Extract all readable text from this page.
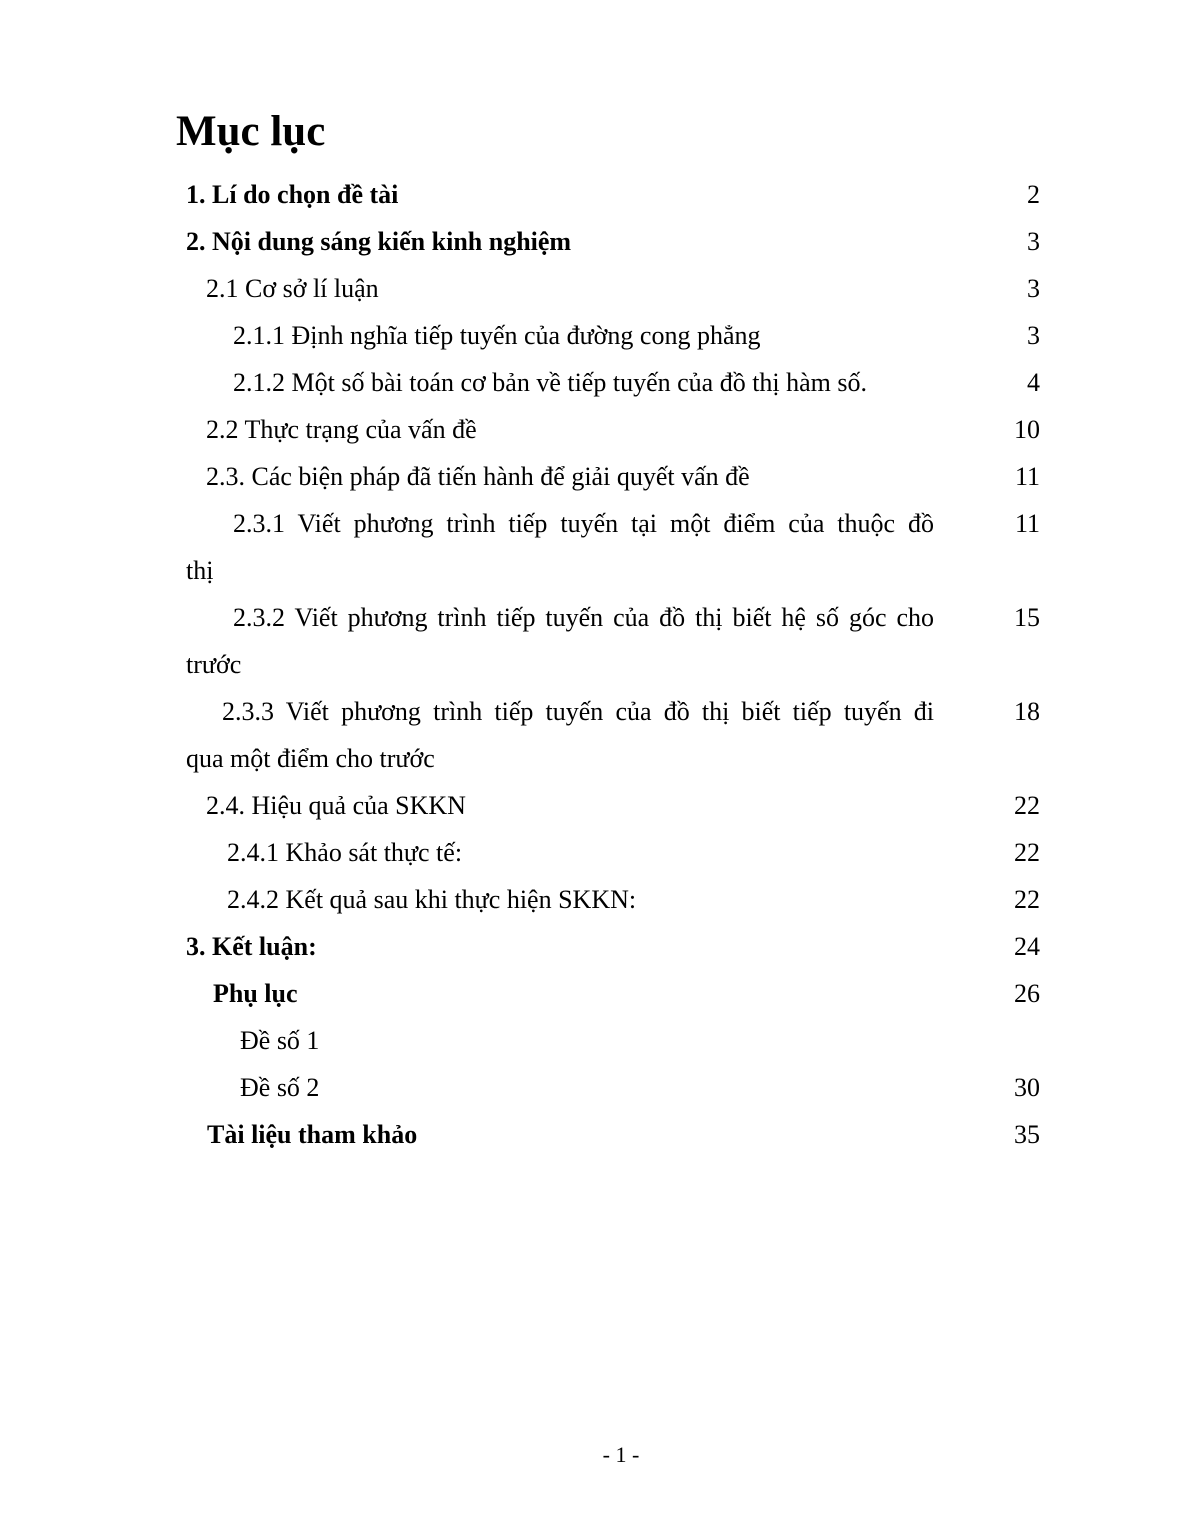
Mục lục
1. Lí do chọn đề tài	2
2. Nội dung sáng kiến kinh nghiệm	3
2.1 Cơ sở lí luận	3
2.1.1 Định nghĩa tiếp tuyến của đường cong phẳng	3
2.1.2 Một số bài toán cơ bản về tiếp tuyến của đồ thị hàm số.	4
2.2 Thực trạng của vấn đề	10
2.3. Các biện pháp đã tiến hành để giải quyết vấn đề	11
2.3.1 Viết phương trình tiếp tuyến tại một điểm của thuộc đồ	11
thị
2.3.2 Viết phương trình tiếp tuyến của đồ thị biết hệ số góc cho	15
trước
2.3.3 Viết phương trình tiếp tuyến của đồ thị biết tiếp tuyến đi	18
qua một điểm cho trước
2.4. Hiệu quả của SKKN	22
2.4.1 Khảo sát thực tế:	22
2.4.2 Kết quả sau khi thực hiện SKKN:	22
3. Kết luận:	24
Phụ lục	26
Đề số 1
Đề số 2	30
Tài liệu tham khảo	35
- 1 -
